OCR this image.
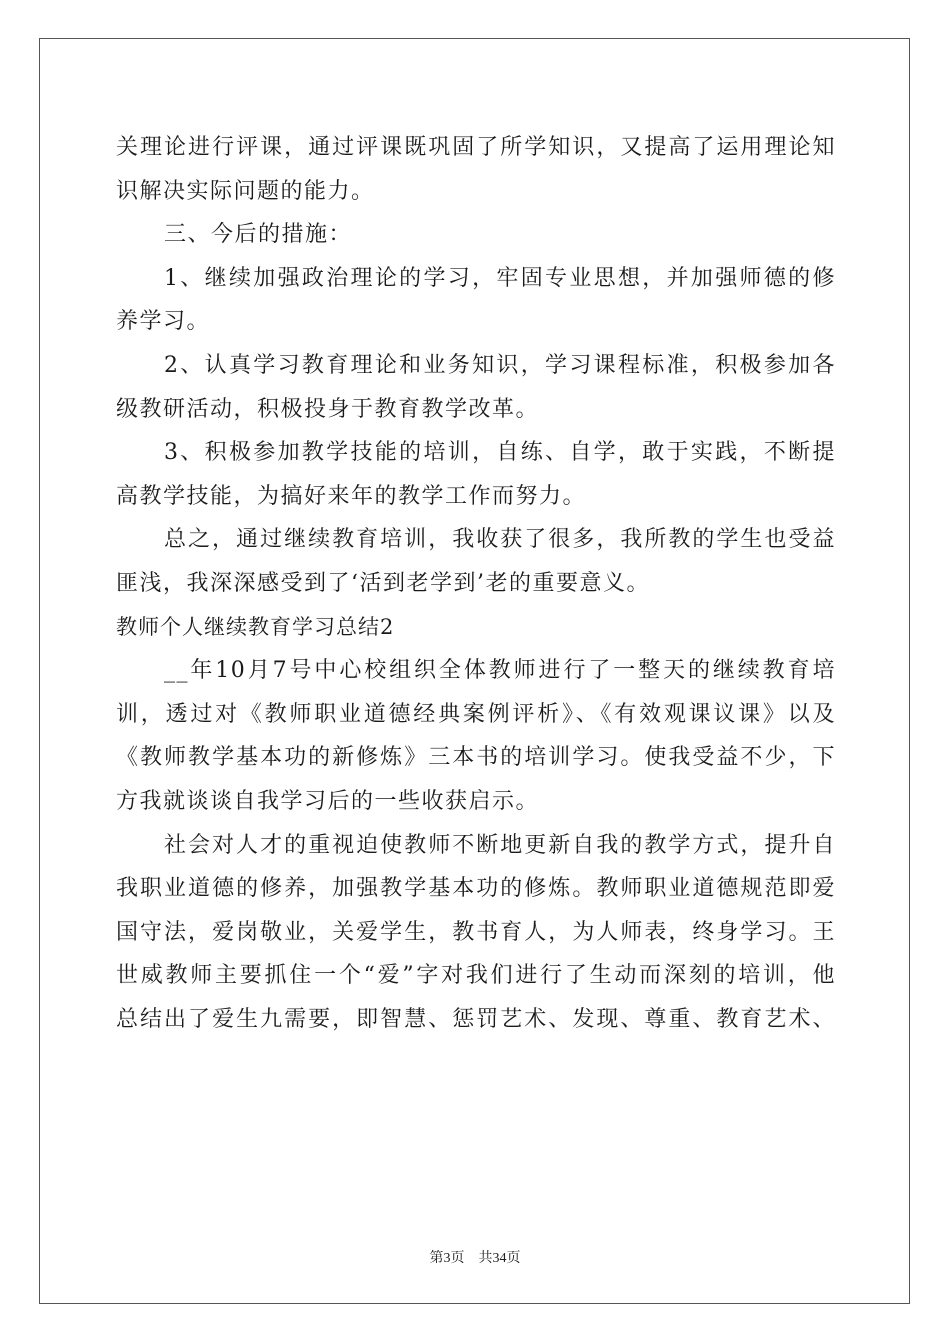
关理论进行评课，通过评课既巩固了所学知识，又提高了运用理论知
识解决实际问题的能力。

三、今后的措施：

1、继续加强政治理论的学习，牢固专业思想，并加强师德的修
养学习。

2、认真学习教育理论和业务知识，学习课程标准，积极参加各
级教研活动，积极投身于教育教学改革。

3、积极参加教学技能的培训，自练、自学，敢于实践，不断提
高教学技能，为搞好来年的教学工作而努力。

总之，通过继续教育培训，我收获了很多，我所教的学生也受益
匪浅，我深深感受到了‘活到老学到’老的重要意义。

教师个人继续教育学习总结2

__年10月7号中心校组织全体教师进行了一整天的继续教育培
训，透过对《教师职业道德经典案例评析》、《有效观课议课》以及
《教师教学基本功的新修炼》三本书的培训学习。使我受益不少，下
方我就谈谈自我学习后的一些收获启示。

社会对人才的重视迫使教师不断地更新自我的教学方式，提升自
我职业道德的修养，加强教学基本功的修炼。教师职业道德规范即爱
国守法，爱岗敬业，关爱学生，教书育人，为人师表，终身学习。王
世威教师主要抓住一个“爱”字对我们进行了生动而深刻的培训，他
总结出了爱生九需要，即智慧、惩罚艺术、发现、尊重、教育艺术、

第3页 共34页
